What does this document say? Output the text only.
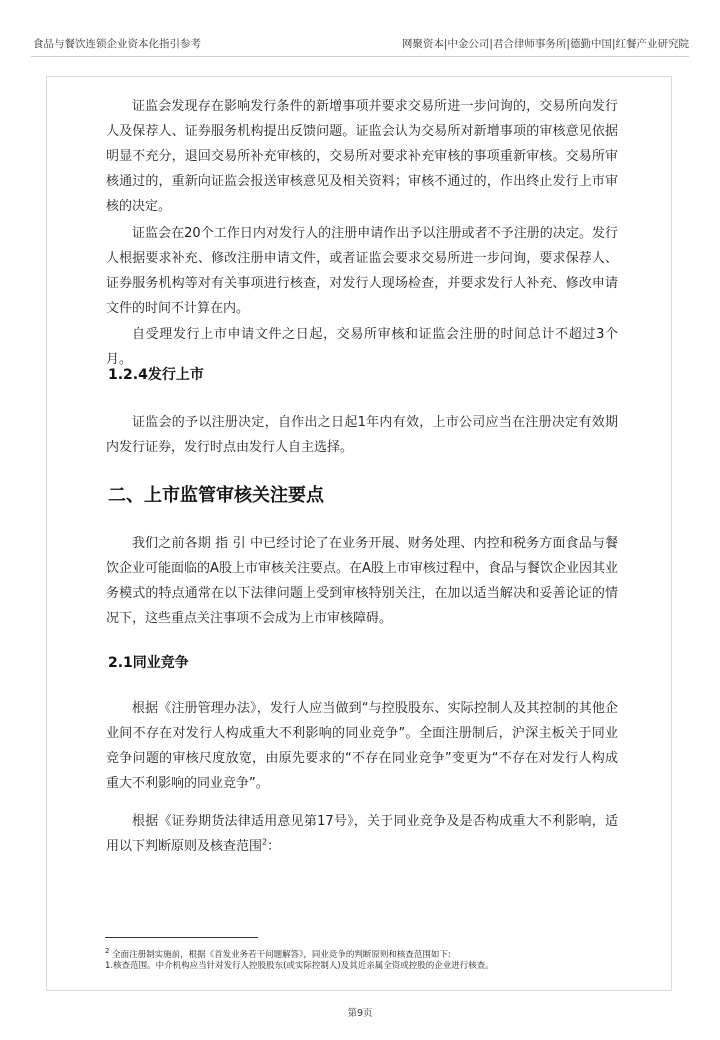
食品与餐饮连锁企业资本化指引参考	网聚资本|中金公司|君合律师事务所|德勤中国|红餐产业研究院

证监会发现存在影响发行条件的新增事项并要求交易所进一步问询的，交易所向发行人及保荐人、证券服务机构提出反馈问题。证监会认为交易所对新增事项的审核意见依据明显不充分，退回交易所补充审核的，交易所对要求补充审核的事项重新审核。交易所审核通过的，重新向证监会报送审核意见及相关资料；审核不通过的，作出终止发行上市审核的决定。

证监会在20个工作日内对发行人的注册申请作出予以注册或者不予注册的决定。发行人根据要求补充、修改注册申请文件，或者证监会要求交易所进一步问询，要求保荐人、证券服务机构等对有关事项进行核查，对发行人现场检查，并要求发行人补充、修改申请文件的时间不计算在内。

自受理发行上市申请文件之日起，交易所审核和证监会注册的时间总计不超过3个月。

1.2.4发行上市

证监会的予以注册决定，自作出之日起1年内有效，上市公司应当在注册决定有效期内发行证券，发行时点由发行人自主选择。

二、上市监管审核关注要点

我们之前各期 指 引 中已经讨论了在业务开展、财务处理、内控和税务方面食品与餐饮企业可能面临的A股上市审核关注要点。在A股上市审核过程中，食品与餐饮企业因其业务模式的特点通常在以下法律问题上受到审核特别关注，在加以适当解决和妥善论证的情况下，这些重点关注事项不会成为上市审核障碍。

2.1同业竞争

根据《注册管理办法》，发行人应当做到“与控股股东、实际控制人及其控制的其他企业间不存在对发行人构成重大不利影响的同业竞争”。全面注册制后，沪深主板关于同业竞争问题的审核尺度放宽，由原先要求的“不存在同业竞争”变更为“不存在对发行人构成重大不利影响的同业竞争”。

根据《证券期货法律适用意见第17号》，关于同业竞争及是否构成重大不利影响，适用以下判断原则及核查范围$^2$：

$^2$ 全面注册制实施前，根据《首发业务若干问题解答》，同业竞争的判断原则和核查范围如下:
1.核查范围。中介机构应当针对发行人控股股东(或实际控制人)及其近亲属全资或控股的企业进行核查。
第9页
